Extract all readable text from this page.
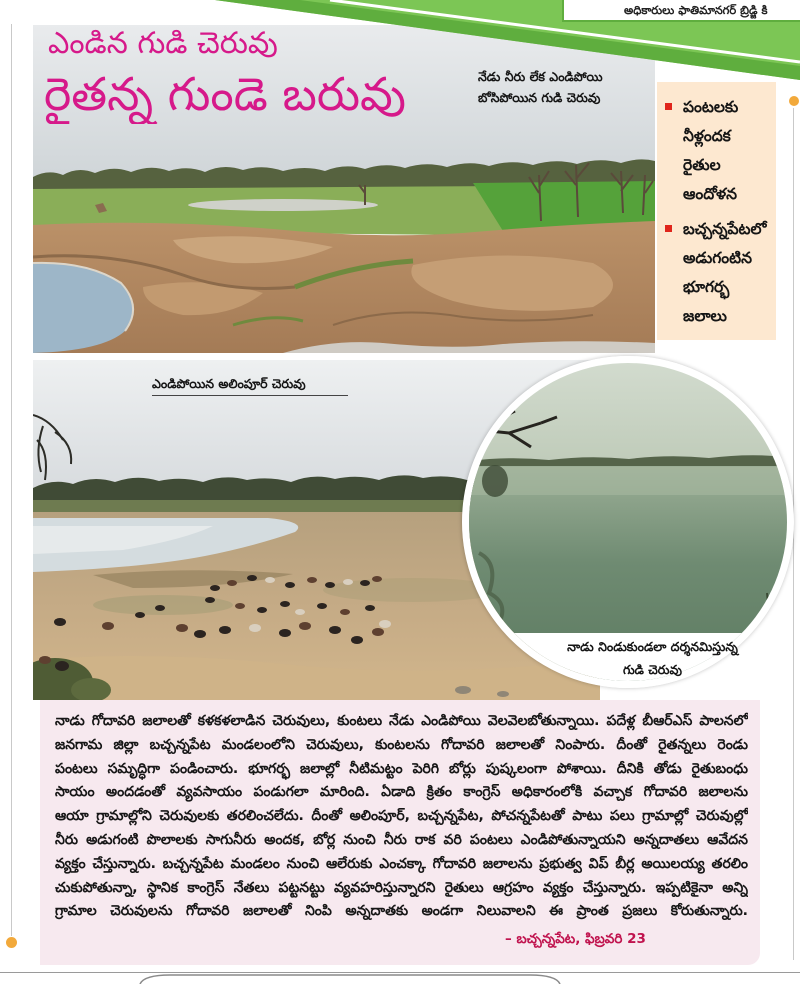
అధికారులు ఫాతిమానగర్ బ్రిడ్జి కి
ఎండిన గుడి చెరువు
రైతన్న గుండె బరువు	నేడు నీరు లేక ఎండిపోయి
బోసిపోయిన గుడి చెరువు
ఎండిపోయిన అలింపూర్ చెరువు
నాడు నిండుకుండలా దర్శనమిస్తున్న
గుడి చెరువు
పంటలకు
నీళ్లందక
రైతుల
ఆందోళన
బచ్చన్నపేటలో
అడుగంటిన
భూగర్భ
జలాలు
నాడు గోదావరి జలాలతో కళకళలాడిన చెరువులు, కుంటలు నేడు ఎండిపోయి వెలవెలబోతున్నాయి. పదేళ్ల బీఆర్ఎస్ పాలనలో
జనగామ జిల్లా బచ్చన్నపేట మండలంలోని చెరువులు, కుంటలను గోదావరి జలాలతో నింపారు. దీంతో రైతన్నలు రెండు
పంటలు సమృద్ధిగా పండించారు. భూగర్భ జలాల్లో నీటిమట్టం పెరిగి బోర్లు పుష్కలంగా పోశాయి. దీనికి తోడు రైతుబంధు
సాయం అందడంతో వ్యవసాయం పండుగలా మారింది. ఏడాది క్రితం కాంగ్రెస్ అధికారంలోకి వచ్చాక గోదావరి జలాలను
ఆయా గ్రామాల్లోని చెరువులకు తరలించలేదు. దీంతో అలింపూర్, బచ్చన్నపేట, పోచన్నపేటతో పాటు పలు గ్రామాల్లో చెరువుల్లో
నీరు అడుగంటి పొలాలకు సాగునీరు అందక, బోర్ల నుంచి నీరు రాక వరి పంటలు ఎండిపోతున్నాయని అన్నదాతలు ఆవేదన
వ్యక్తం చేస్తున్నారు. బచ్చన్నపేట మండలం నుంచి ఆలేరుకు ఎంచక్కా గోదావరి జలాలను ప్రభుత్వ విప్ బీర్ల అయిలయ్య తరలిం
చుకుపోతున్నా, స్థానిక కాంగ్రెస్ నేతలు పట్టనట్టు వ్యవహరిస్తున్నారని రైతులు ఆగ్రహం వ్యక్తం చేస్తున్నారు. ఇప్పటికైనా అన్ని
గ్రామాల చెరువులను గోదావరి జలాలతో నింపి అన్నదాతకు అండగా నిలువాలని ఈ ప్రాంత ప్రజలు కోరుతున్నారు.
– బచ్చన్నపేట, ఫిబ్రవరి 23
